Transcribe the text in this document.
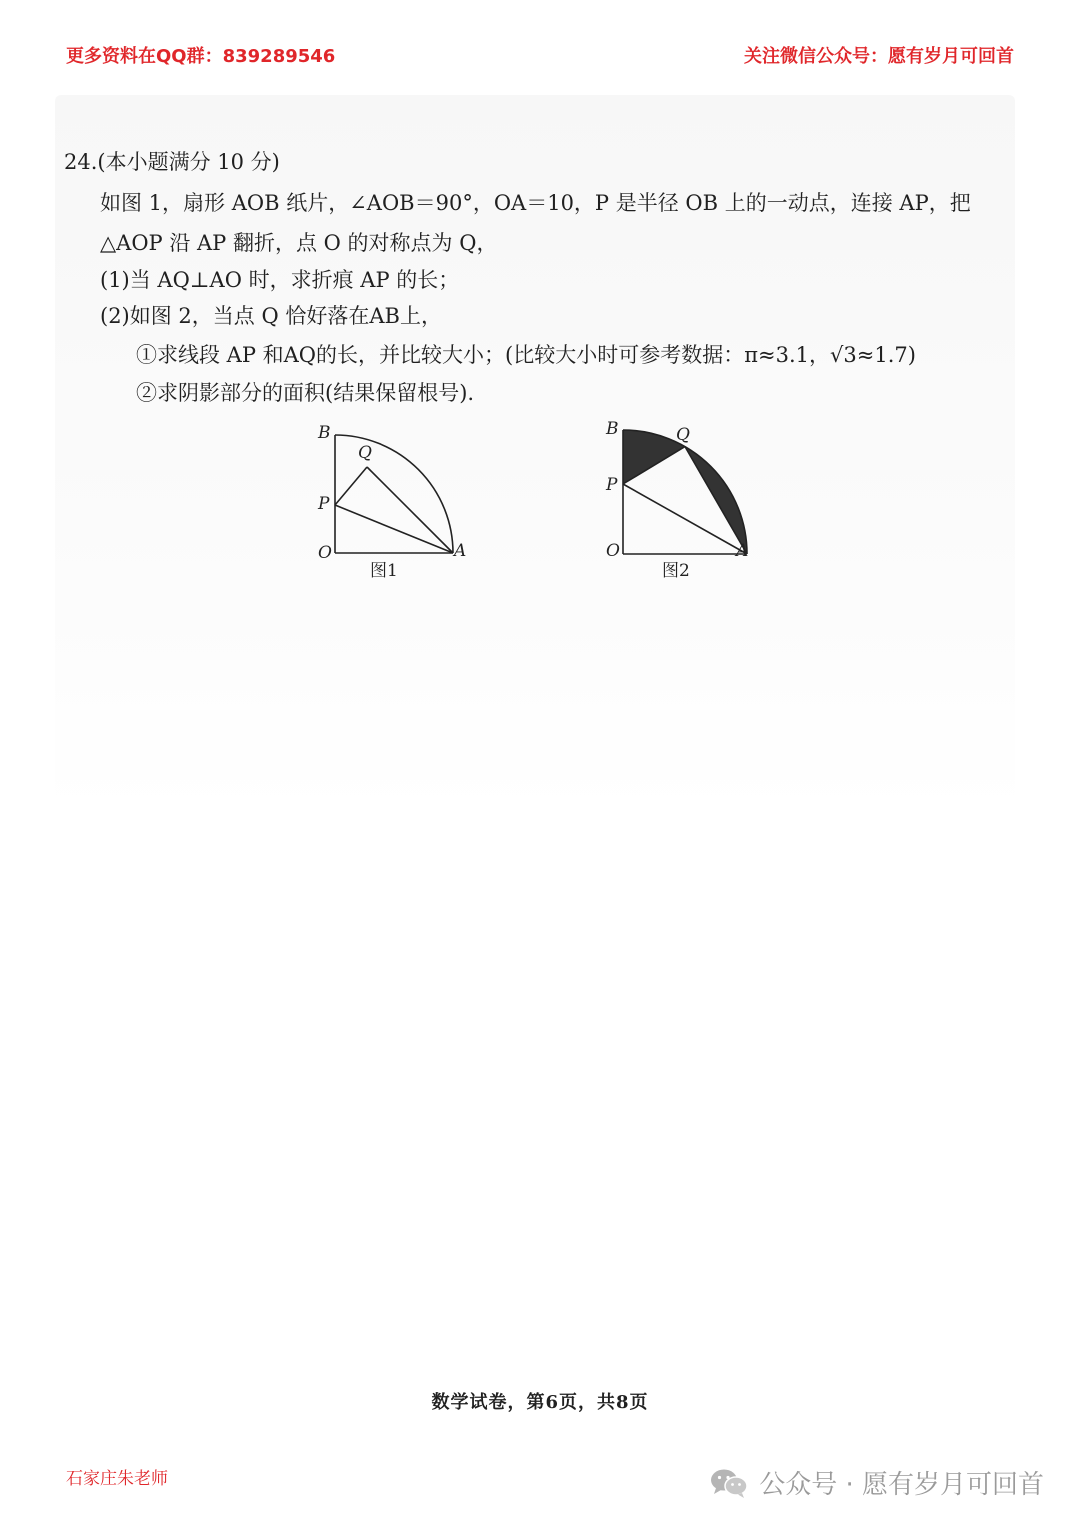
更多资料在QQ群：839289546	关注微信公众号：愿有岁月可回首
24.(本小题满分 10 分)
如图 1，扇形 AOB 纸片，∠AOB＝90°，OA＝10，P 是半径 OB 上的一动点，连接 AP，把
△AOP 沿 AP 翻折，点 O 的对称点为 Q，
(1)当 AQ⊥AO 时，求折痕 AP 的长；
(2)如图 2，当点 Q 恰好落在AB上，
①求线段 AP 和AQ的长，并比较大小；(比较大小时可参考数据：π≈3.1，√3≈1.7)
②求阴影部分的面积(结果保留根号).
B
Q
P
O	A
图1
B	Q
P
O	A
图2
数学试卷，第6页，共8页
石家庄朱老师	公众号 · 愿有岁月可回首
